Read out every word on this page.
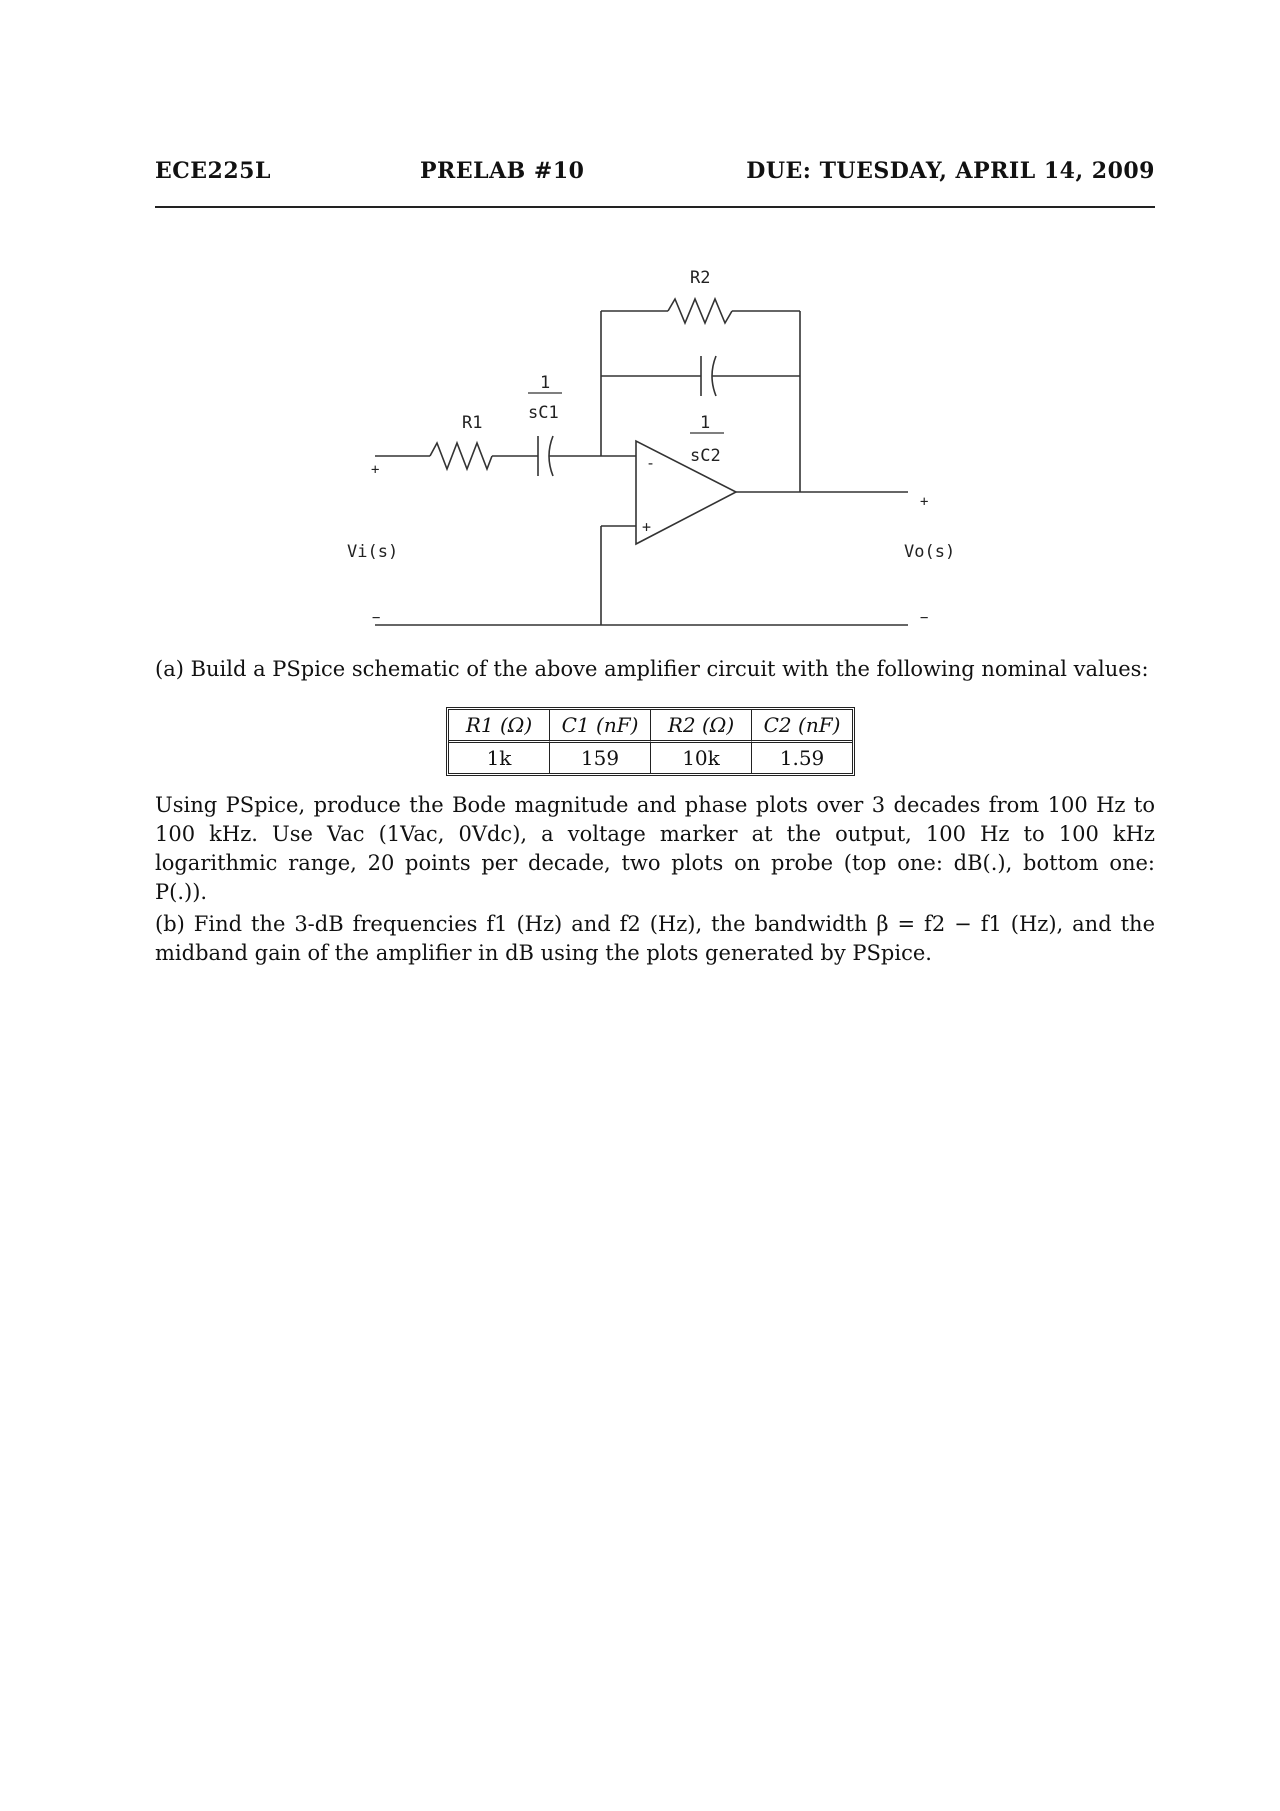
ECE225L	PRELAB #10	DUE: TUESDAY, APRIL 14, 2009
R1
1
sC1
R2
1
sC2
-
+
+
Vi(s)
−
+
Vo(s)
−
(a) Build a PSpice schematic of the above amplifier circuit with the following nominal values:
R1 (Ω)	C1 (nF)	R2 (Ω)	C2 (nF)
1k	159	10k	1.59
Using PSpice, produce the Bode magnitude and phase plots over 3 decades from 100 Hz to 100 kHz. Use Vac (1Vac, 0Vdc), a voltage marker at the output, 100 Hz to 100 kHz logarithmic range, 20 points per decade, two plots on probe (top one: dB(.), bottom one: P(.)).
(b) Find the 3-dB frequencies f1 (Hz) and f2 (Hz), the bandwidth β = f2 − f1 (Hz), and the midband gain of the amplifier in dB using the plots generated by PSpice.
